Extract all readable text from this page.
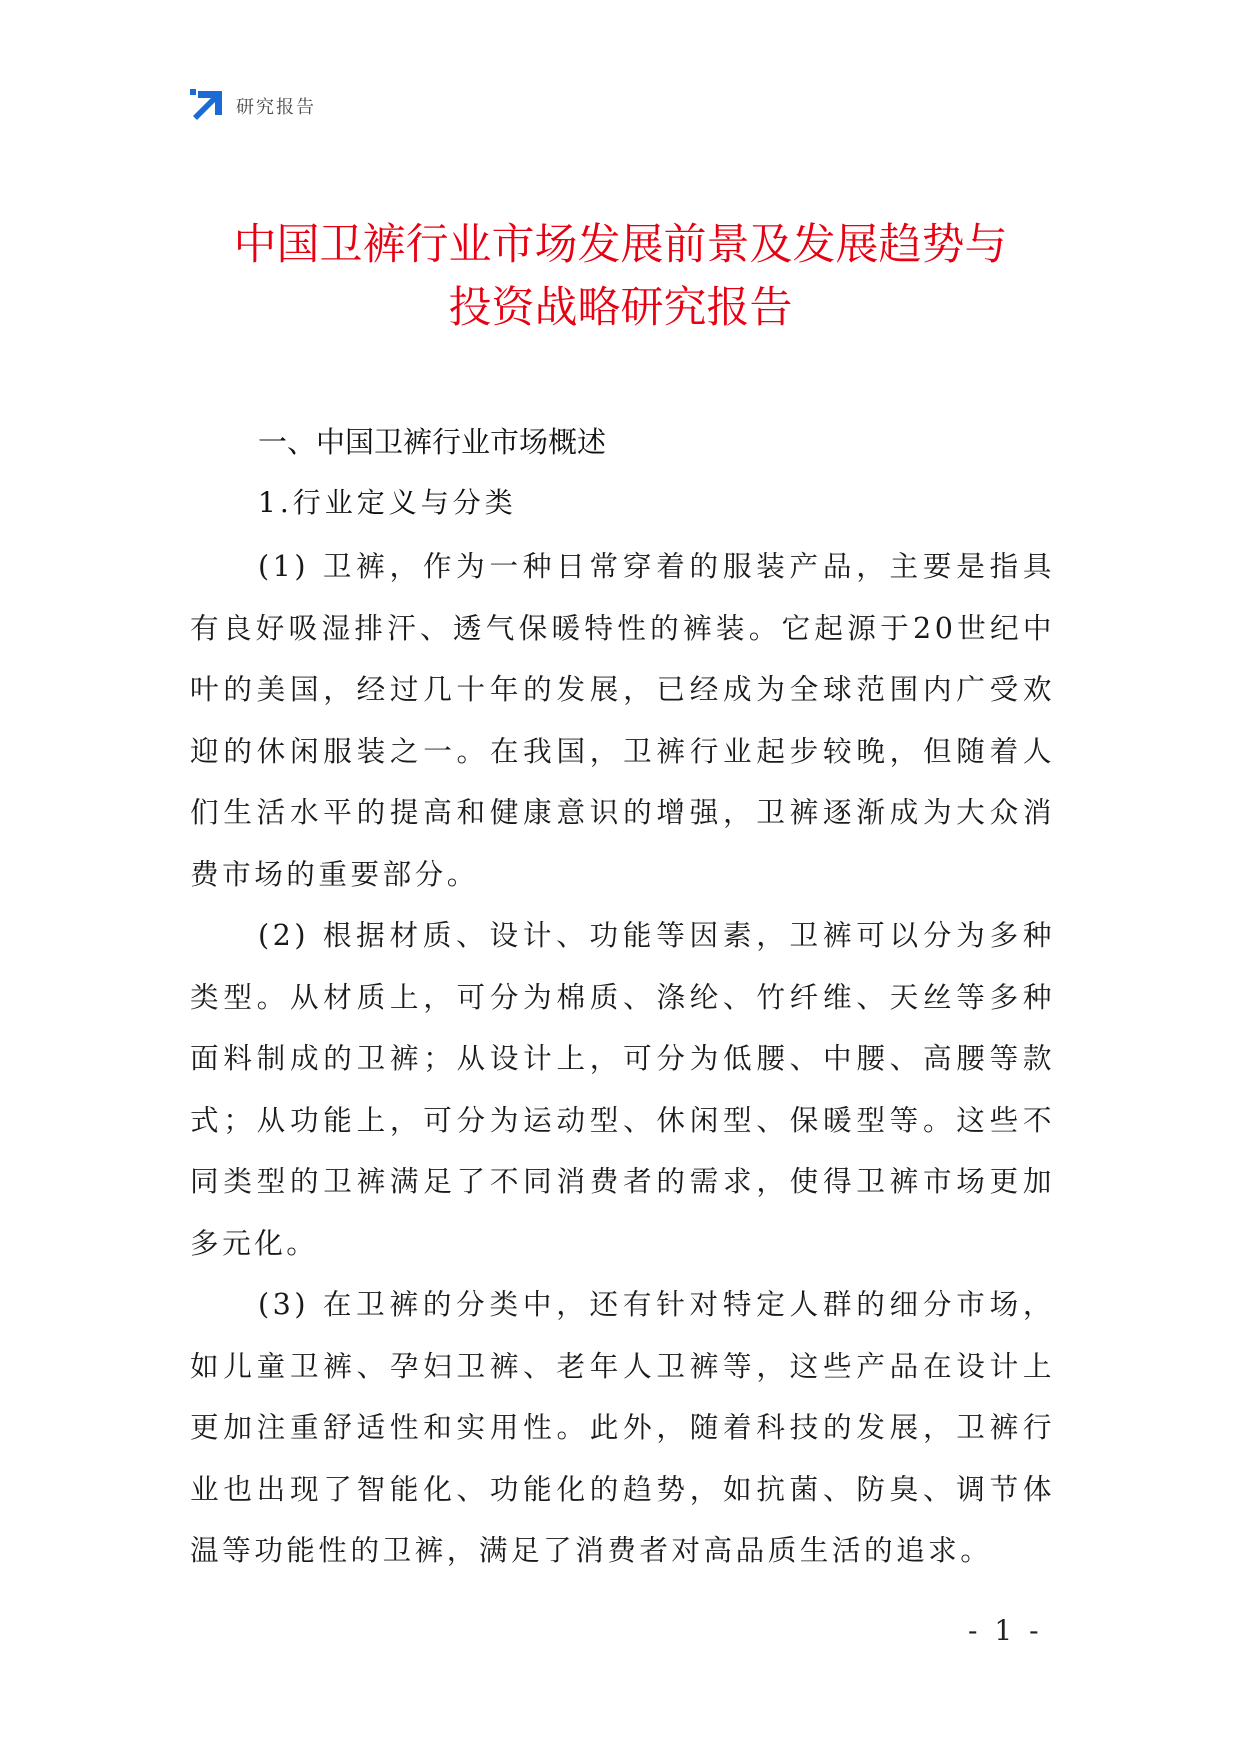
研究报告
中国卫裤行业市场发展前景及发展趋势与
投资战略研究报告
一、中国卫裤行业市场概述
1.行业定义与分类

(1) 卫裤，作为一种日常穿着的服装产品，主要是指具有良好吸湿排汗、透气保暖特性的裤装。它起源于20世纪中叶的美国，经过几十年的发展，已经成为全球范围内广受欢迎的休闲服装之一。在我国，卫裤行业起步较晚，但随着人们生活水平的提高和健康意识的增强，卫裤逐渐成为大众消费市场的重要部分。

(2) 根据材质、设计、功能等因素，卫裤可以分为多种类型。从材质上，可分为棉质、涤纶、竹纤维、天丝等多种面料制成的卫裤；从设计上，可分为低腰、中腰、高腰等款式；从功能上，可分为运动型、休闲型、保暖型等。这些不同类型的卫裤满足了不同消费者的需求，使得卫裤市场更加多元化。

(3) 在卫裤的分类中，还有针对特定人群的细分市场，如儿童卫裤、孕妇卫裤、老年人卫裤等，这些产品在设计上更加注重舒适性和实用性。此外，随着科技的发展，卫裤行业也出现了智能化、功能化的趋势，如抗菌、防臭、调节体温等功能性的卫裤，满足了消费者对高品质生活的追求。

- 1 -
